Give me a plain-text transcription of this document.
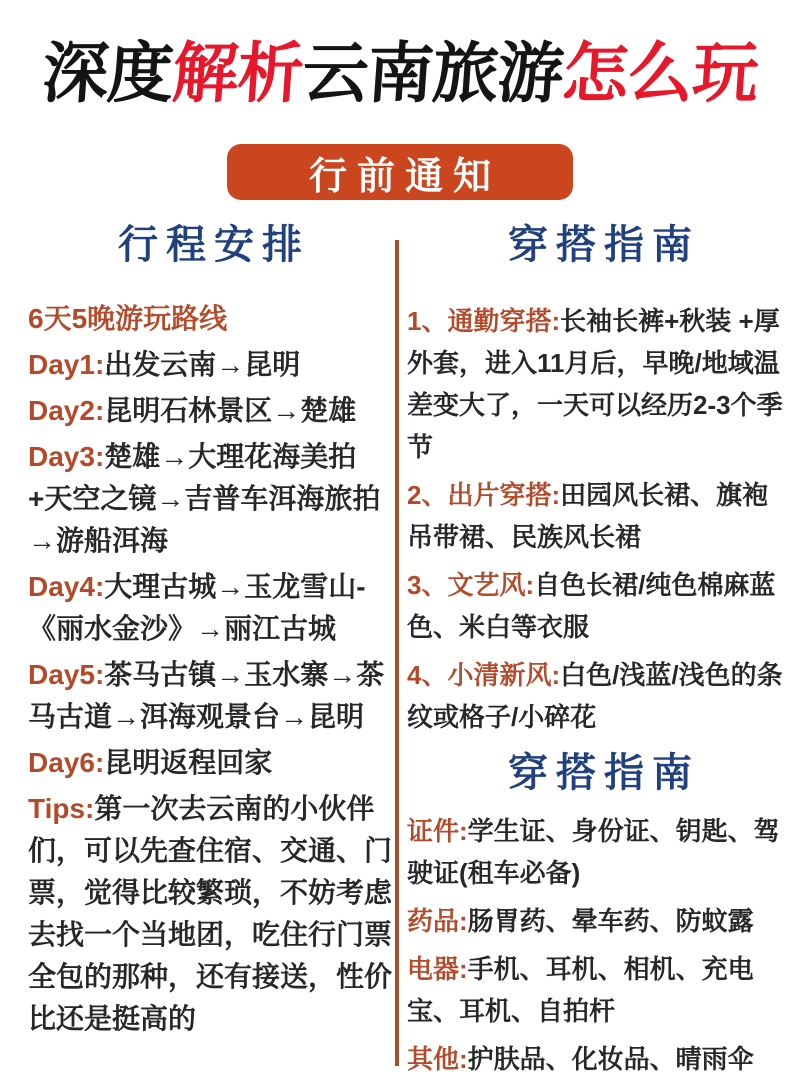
深度解析云南旅游怎么玩
行前通知
行程安排

6天5晚游玩路线

Day1:出发云南→昆明

Day2:昆明石林景区→楚雄

Day3:楚雄→大理花海美拍+天空之镜→吉普车洱海旅拍→游船洱海

Day4:大理古城→玉龙雪山-《丽水金沙》→丽江古城

Day5:茶马古镇→玉水寨→茶马古道→洱海观景台→昆明

Day6:昆明返程回家

Tips:第一次去云南的小伙伴们，可以先查住宿、交通、门票，觉得比较繁琐，不妨考虑去找一个当地团，吃住行门票全包的那种，还有接送，性价比还是挺高的

穿搭指南

1、通勤穿搭:长袖长裤+秋装 +厚外套，进入11月后，早晚/地域温差变大了，一天可以经历2-3个季节

2、出片穿搭:田园风长裙、旗袍吊带裙、民族风长裙

3、文艺风:自色长裙/纯色棉麻蓝色、米白等衣服

4、小清新风:白色/浅蓝/浅色的条纹或格子/小碎花

穿搭指南

证件:学生证、身份证、钥匙、驾驶证(租车必备)

药品:肠胃药、晕车药、防蚊露

电器:手机、耳机、相机、充电宝、耳机、自拍杆

其他:护肤品、化妆品、晴雨伞
